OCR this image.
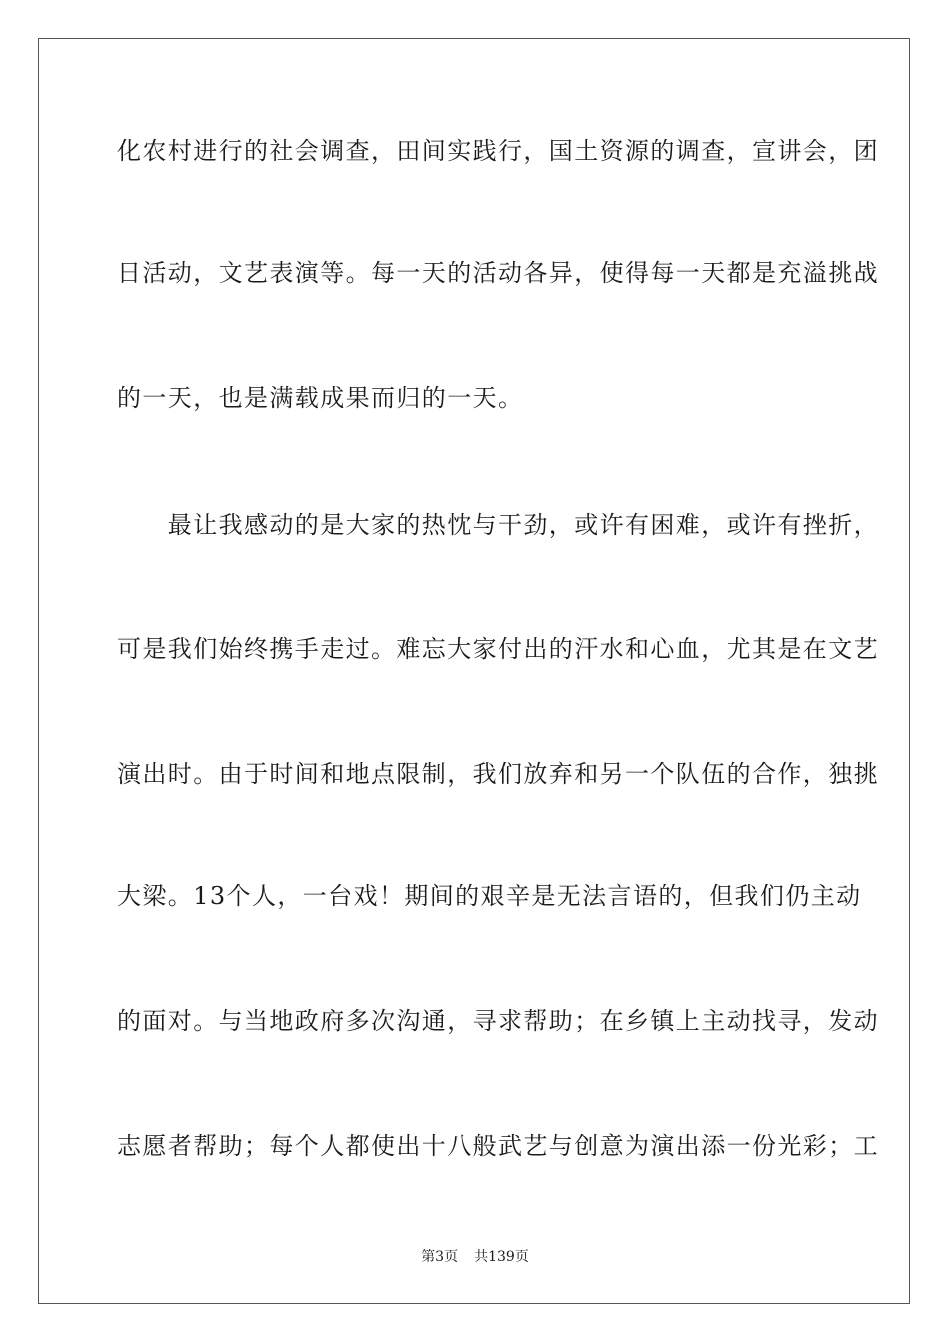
化农村进行的社会调查，田间实践行，国土资源的调查，宣讲会，团
日活动，文艺表演等。每一天的活动各异，使得每一天都是充溢挑战
的一天，也是满载成果而归的一天。
　　最让我感动的是大家的热忱与干劲，或许有困难，或许有挫折，
可是我们始终携手走过。难忘大家付出的汗水和心血，尤其是在文艺
演出时。由于时间和地点限制，我们放弃和另一个队伍的合作，独挑
大梁。13个人，一台戏！期间的艰辛是无法言语的，但我们仍主动
的面对。与当地政府多次沟通，寻求帮助；在乡镇上主动找寻，发动
志愿者帮助；每个人都使出十八般武艺与创意为演出添一份光彩；工
第3页 共139页
